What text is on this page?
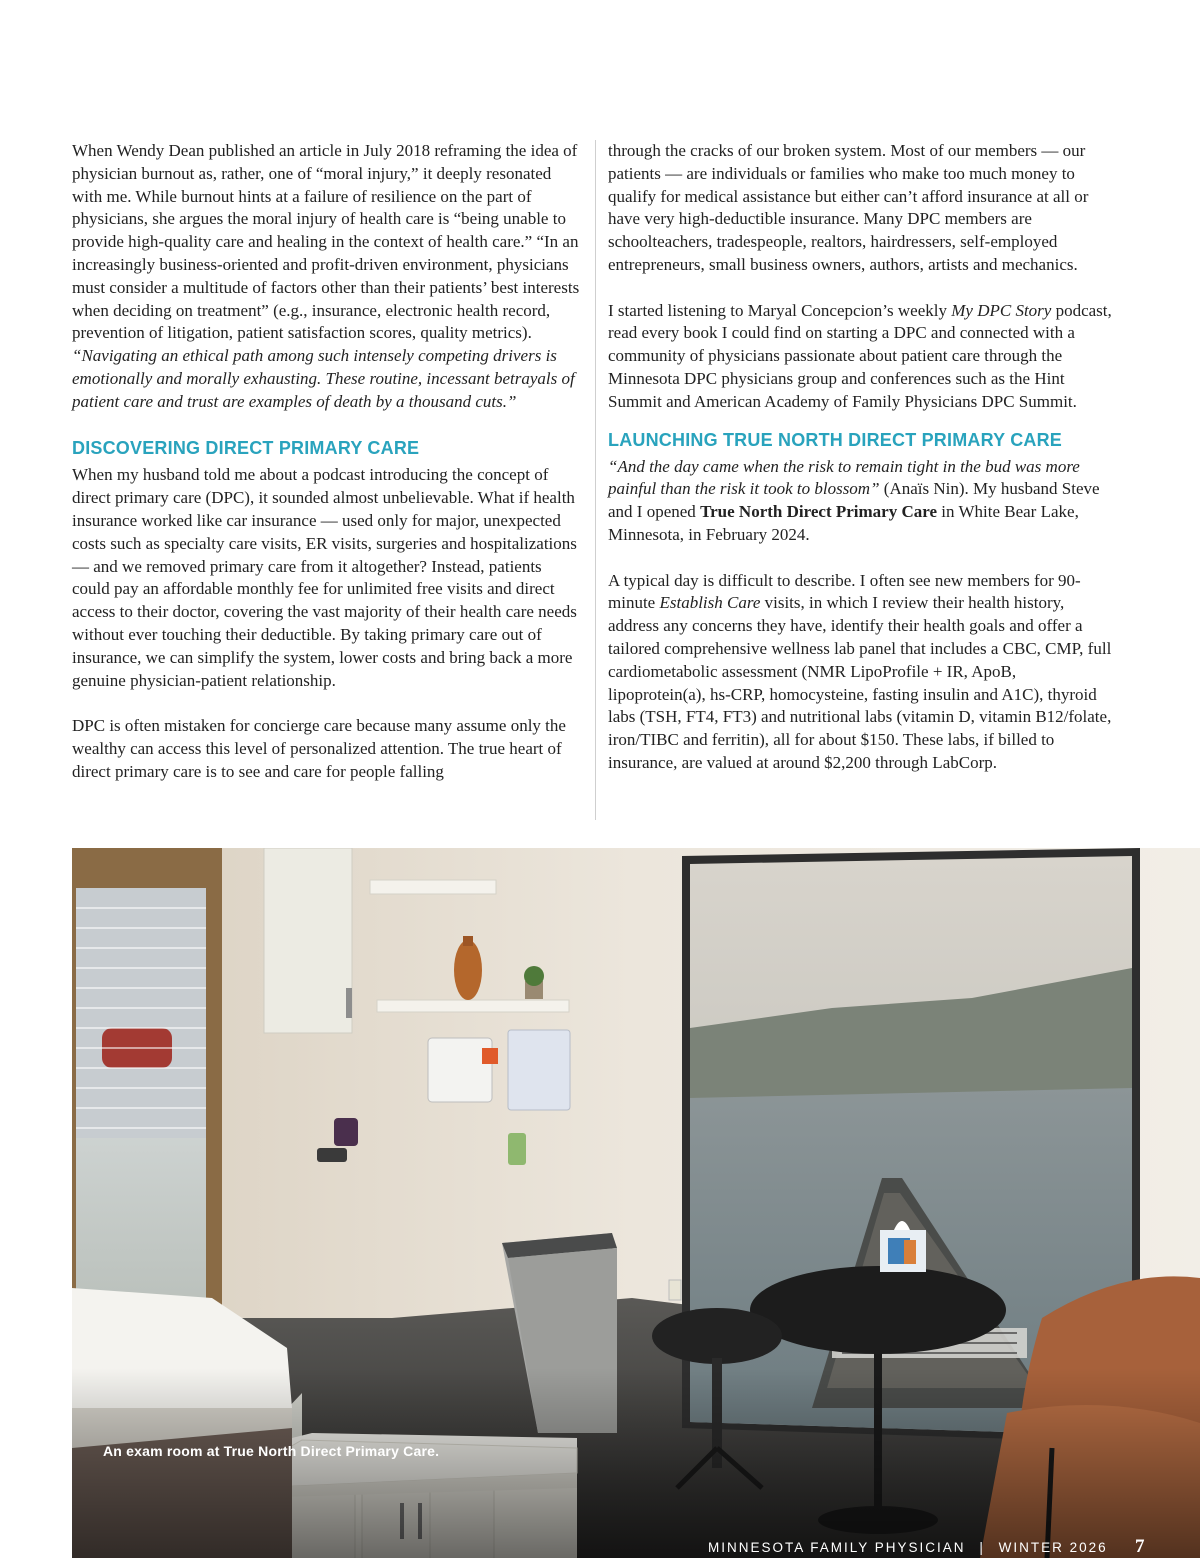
When Wendy Dean published an article in July 2018 reframing the idea of physician burnout as, rather, one of “moral injury,” it deeply resonated with me. While burnout hints at a failure of resilience on the part of physicians, she argues the moral injury of health care is “being unable to provide high-quality care and healing in the context of health care.” “In an increasingly business-oriented and profit-driven environment, physicians must consider a multitude of factors other than their patients’ best interests when deciding on treatment” (e.g., insurance, electronic health record, prevention of litigation, patient satisfaction scores, quality metrics). “Navigating an ethical path among such intensely competing drivers is emotionally and morally exhausting. These routine, incessant betrayals of patient care and trust are examples of death by a thousand cuts.”

DISCOVERING DIRECT PRIMARY CARE

When my husband told me about a podcast introducing the concept of direct primary care (DPC), it sounded almost unbelievable. What if health insurance worked like car insurance — used only for major, unexpected costs such as specialty care visits, ER visits, surgeries and hospitalizations — and we removed primary care from it altogether? Instead, patients could pay an affordable monthly fee for unlimited free visits and direct access to their doctor, covering the vast majority of their health care needs without ever touching their deductible. By taking primary care out of insurance, we can simplify the system, lower costs and bring back a more genuine physician-patient relationship.

DPC is often mistaken for concierge care because many assume only the wealthy can access this level of personalized attention. The true heart of direct primary care is to see and care for people falling

through the cracks of our broken system. Most of our members — our patients — are individuals or families who make too much money to qualify for medical assistance but either can’t afford insurance at all or have very high-deductible insurance. Many DPC members are schoolteachers, tradespeople, realtors, hairdressers, self-employed entrepreneurs, small business owners, authors, artists and mechanics.

I started listening to Maryal Concepcion’s weekly My DPC Story podcast, read every book I could find on starting a DPC and connected with a community of physicians passionate about patient care through the Minnesota DPC physicians group and conferences such as the Hint Summit and American Academy of Family Physicians DPC Summit.

LAUNCHING TRUE NORTH DIRECT PRIMARY CARE

“And the day came when the risk to remain tight in the bud was more painful than the risk it took to blossom” (Anaïs Nin). My husband Steve and I opened True North Direct Primary Care in White Bear Lake, Minnesota, in February 2024.

A typical day is difficult to describe. I often see new members for 90-minute Establish Care visits, in which I review their health history, address any concerns they have, identify their health goals and offer a tailored comprehensive wellness lab panel that includes a CBC, CMP, full cardiometabolic assessment (NMR LipoProfile + IR, ApoB, lipoprotein(a), hs-CRP, homocysteine, fasting insulin and A1C), thyroid labs (TSH, FT4, FT3) and nutritional labs (vitamin D, vitamin B12/folate, iron/TIBC and ferritin), all for about $150. These labs, if billed to insurance, are valued at around $2,200 through LabCorp.

An exam room at True North Direct Primary Care.
MINNESOTA FAMILY PHYSICIAN | WINTER 2026 7
